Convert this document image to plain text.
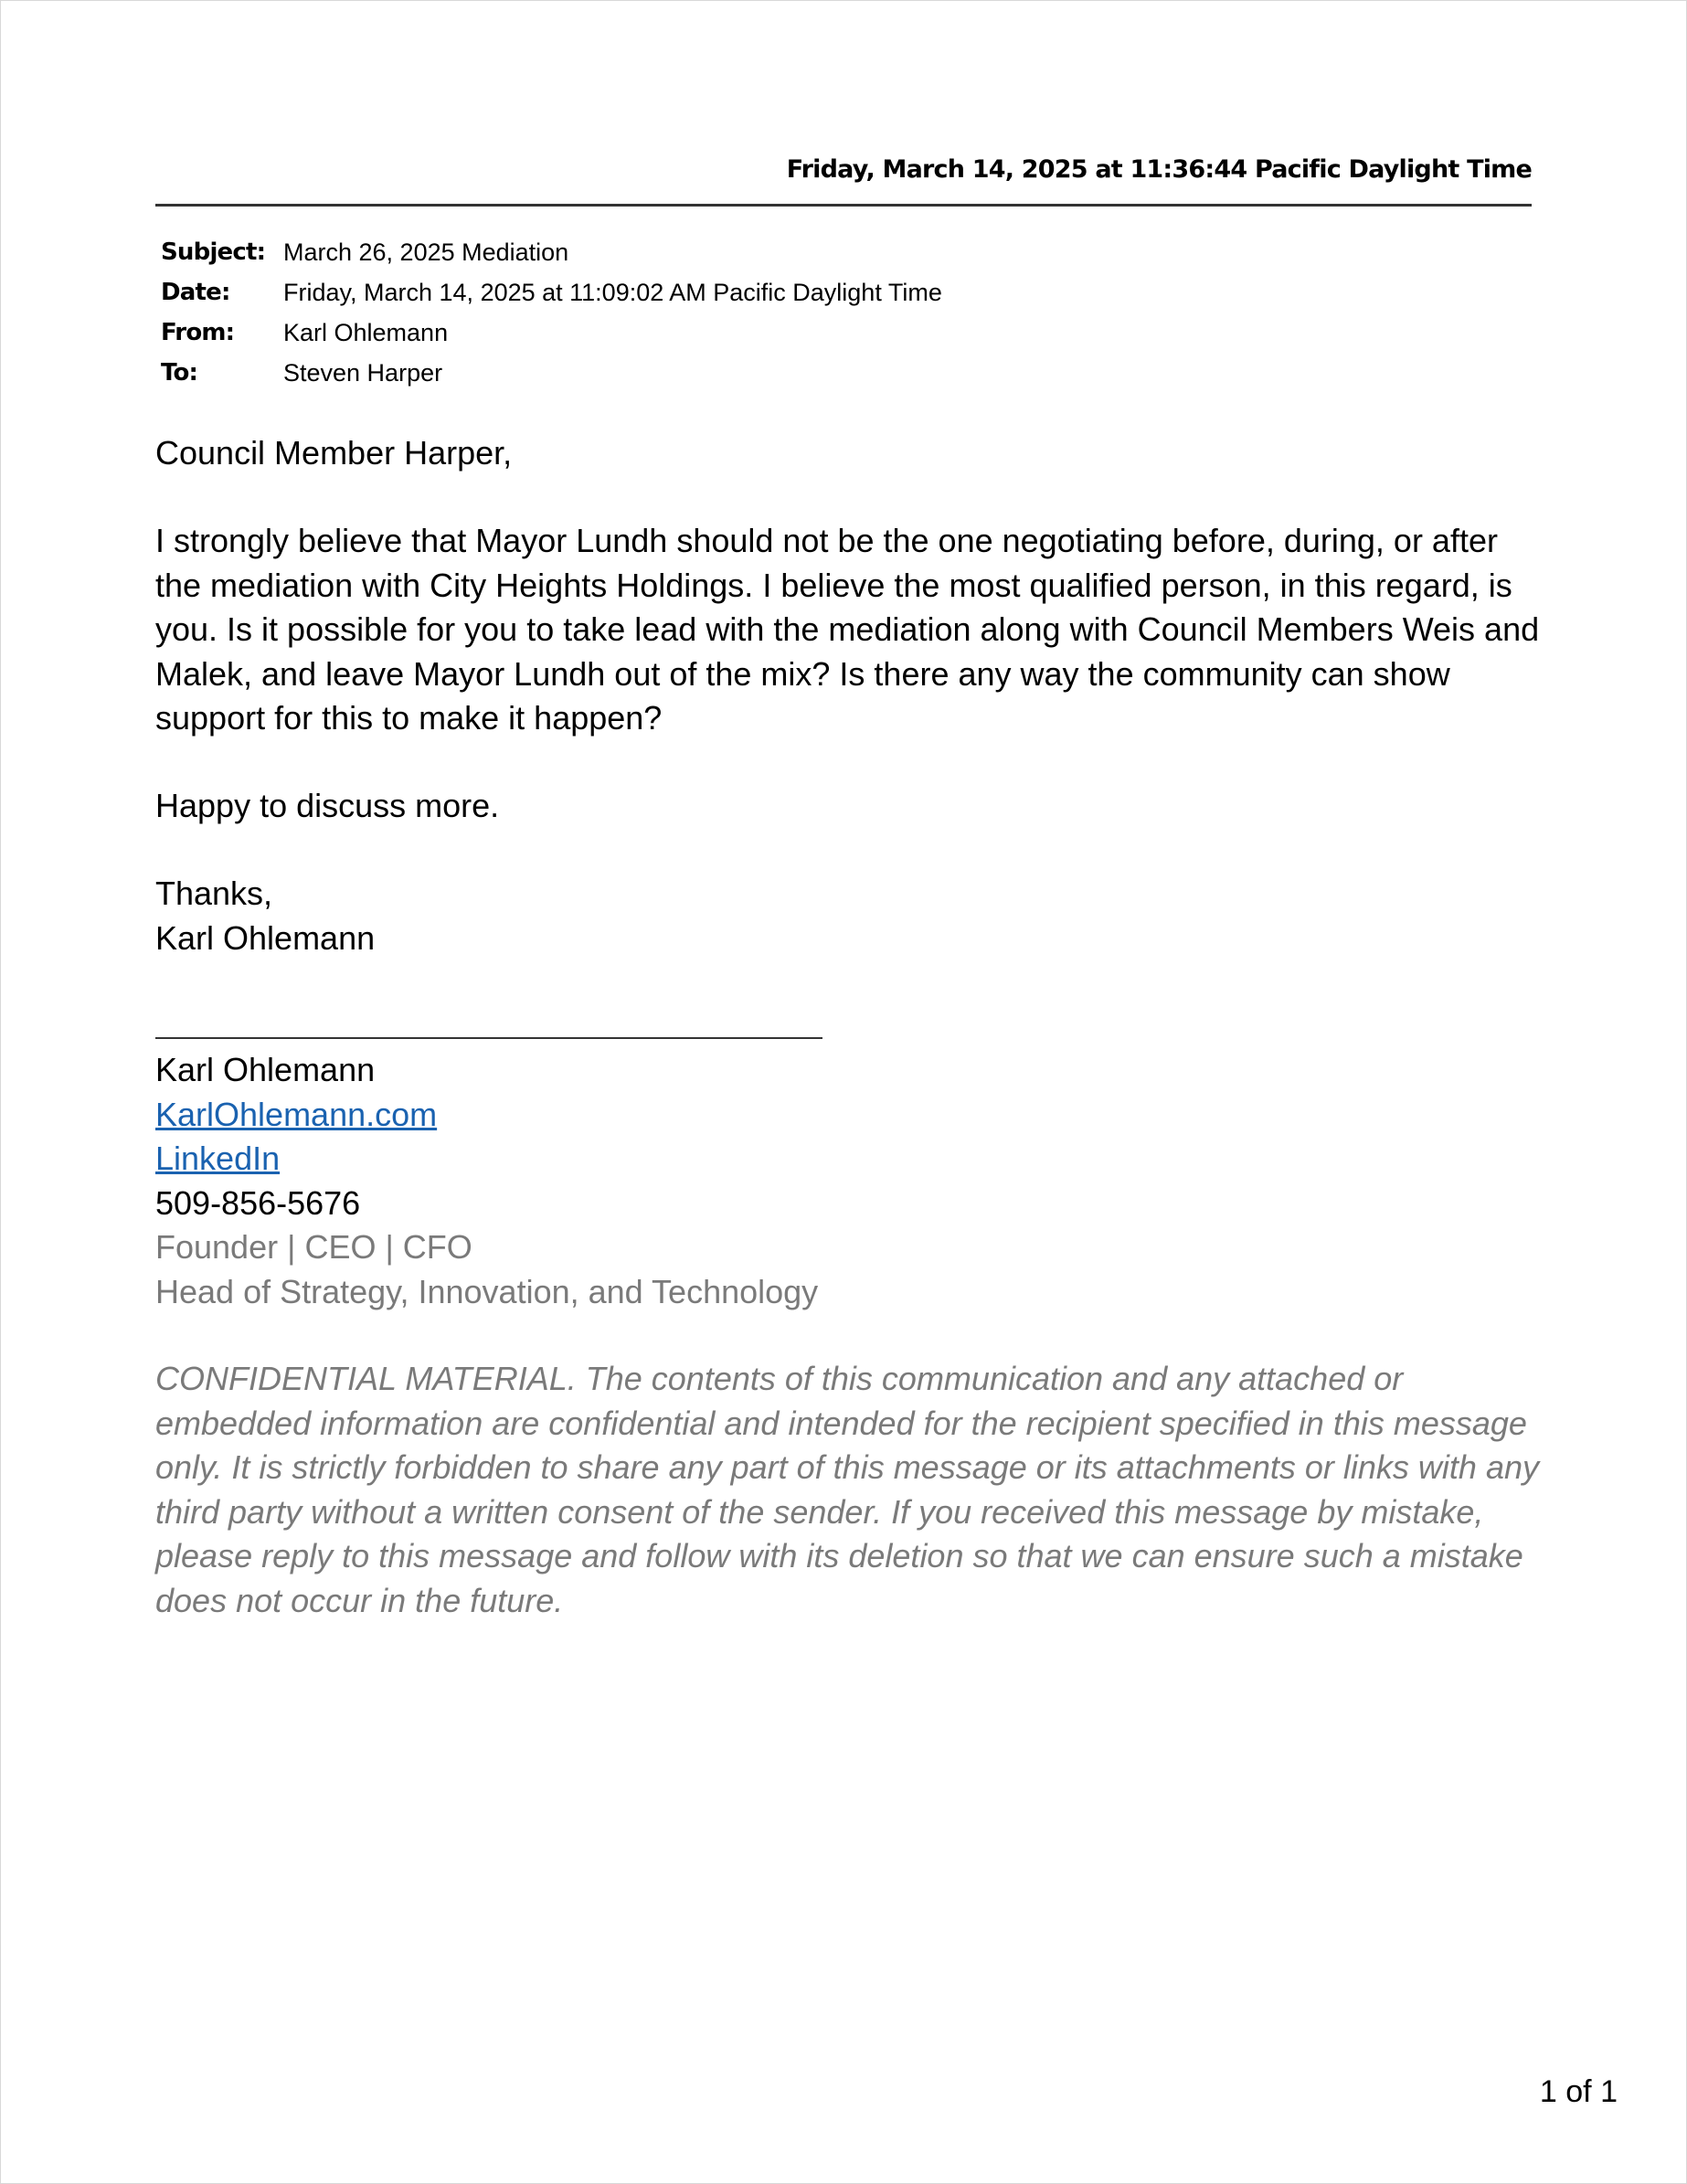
Friday, March 14, 2025 at 11:36:44 Pacific Daylight Time
Subject: March 26, 2025 Mediation
Date:	Friday, March 14, 2025 at 11:09:02 AM Pacific Daylight Time
From:	Karl Ohlemann
To:	Steven Harper
Council Member Harper,
I strongly believe that Mayor Lundh should not be the one negotiating before, during, or after the mediation with City Heights Holdings. I believe the most qualified person, in this regard, is you. Is it possible for you to take lead with the mediation along with Council Members Weis and Malek, and leave Mayor Lundh out of the mix? Is there any way the community can show support for this to make it happen?
Happy to discuss more.
Thanks,
Karl Ohlemann
Karl Ohlemann
KarlOhlemann.com
LinkedIn
509-856-5676
Founder | CEO | CFO
Head of Strategy, Innovation, and Technology
CONFIDENTIAL MATERIAL. The contents of this communication and any attached or embedded information are confidential and intended for the recipient specified in this message only. It is strictly forbidden to share any part of this message or its attachments or links with any third party without a written consent of the sender. If you received this message by mistake, please reply to this message and follow with its deletion so that we can ensure such a mistake does not occur in the future.
1 of 1
